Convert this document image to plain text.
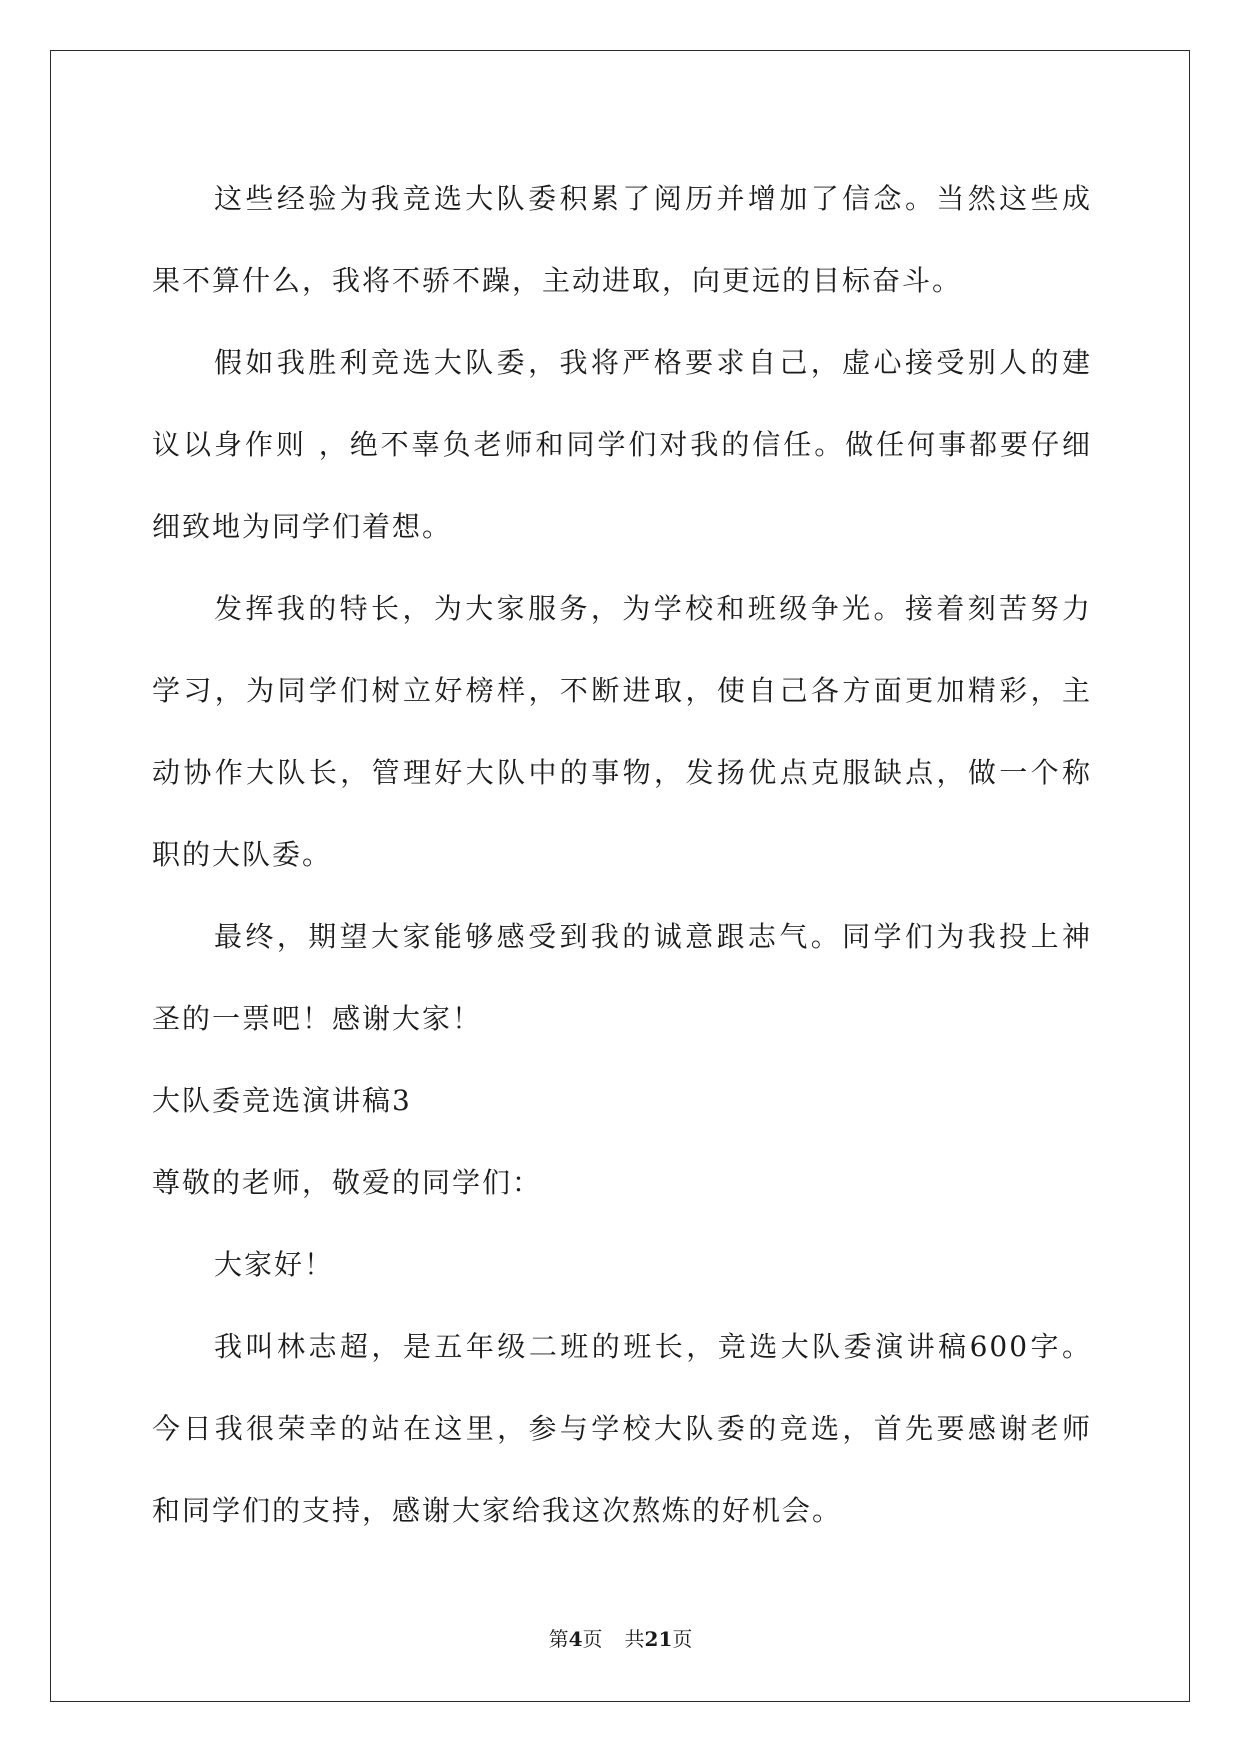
这些经验为我竞选大队委积累了阅历并增加了信念。当然这些成
果不算什么，我将不骄不躁，主动进取，向更远的目标奋斗。
假如我胜利竞选大队委，我将严格要求自己，虚心接受别人的建
议以身作则 ，绝不辜负老师和同学们对我的信任。做任何事都要仔细
细致地为同学们着想。
发挥我的特长，为大家服务，为学校和班级争光。接着刻苦努力
学习，为同学们树立好榜样，不断进取，使自己各方面更加精彩，主
动协作大队长，管理好大队中的事物，发扬优点克服缺点，做一个称
职的大队委。
最终，期望大家能够感受到我的诚意跟志气。同学们为我投上神
圣的一票吧！感谢大家！
大队委竞选演讲稿3
尊敬的老师，敬爱的同学们：
大家好！
我叫林志超，是五年级二班的班长，竞选大队委演讲稿600字。
今日我很荣幸的站在这里，参与学校大队委的竞选，首先要感谢老师
和同学们的支持，感谢大家给我这次熬炼的好机会。
第4页 共21页
